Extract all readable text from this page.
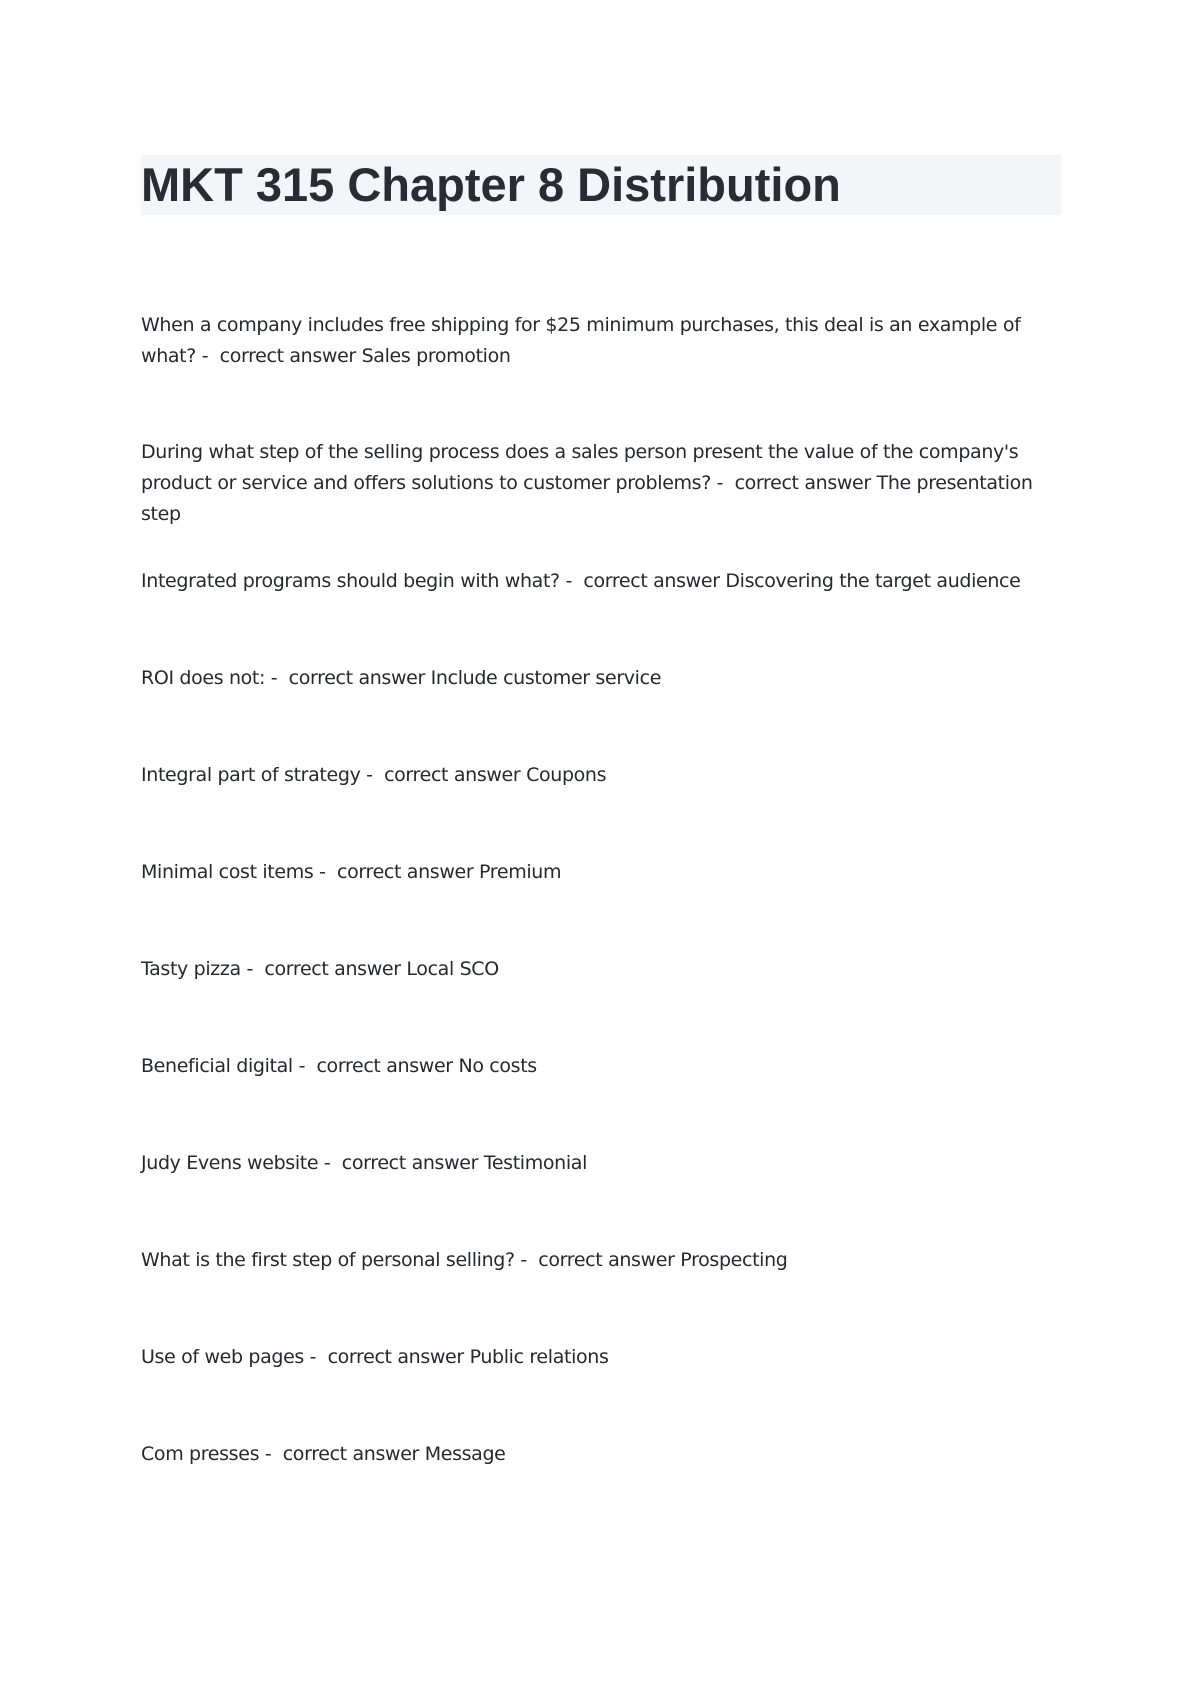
MKT 315 Chapter 8 Distribution
When a company includes free shipping for $25 minimum purchases, this deal is an example of what? -  correct answer Sales promotion
During what step of the selling process does a sales person present the value of the company's product or service and offers solutions to customer problems? -  correct answer The presentation step
Integrated programs should begin with what? -  correct answer Discovering the target audience
ROI does not: -  correct answer Include customer service
Integral part of strategy -  correct answer Coupons
Minimal cost items -  correct answer Premium
Tasty pizza -  correct answer Local SCO
Beneficial digital -  correct answer No costs
Judy Evens website -  correct answer Testimonial
What is the first step of personal selling? -  correct answer Prospecting
Use of web pages -  correct answer Public relations
Com presses -  correct answer Message
